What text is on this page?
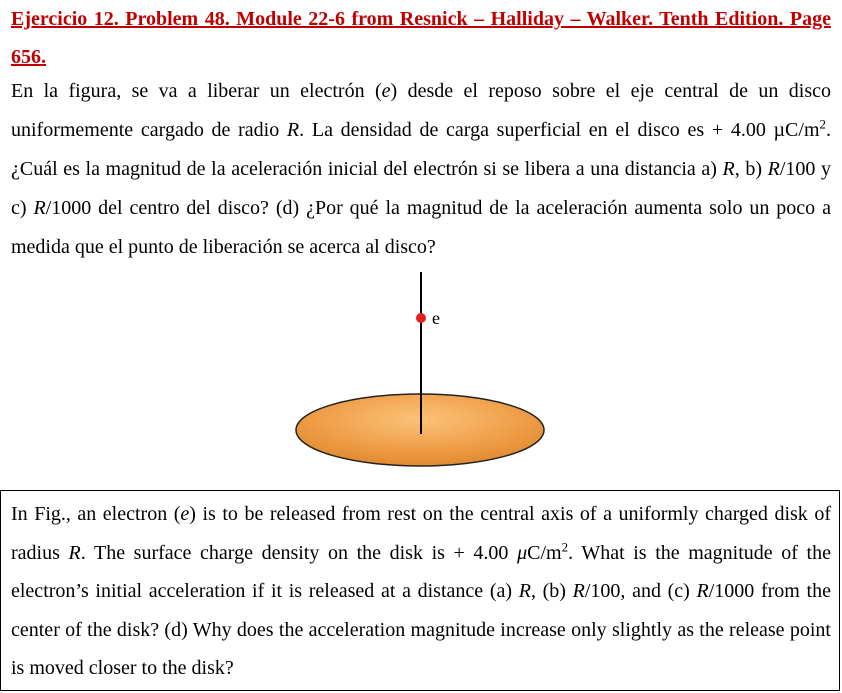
Ejercicio 12. Problem 48. Module 22-6 from Resnick – Halliday – Walker. Tenth Edition. Page 656.
En la figura, se va a liberar un electrón (e) desde el reposo sobre el eje central de un disco uniformemente cargado de radio R. La densidad de carga superficial en el disco es + 4.00 $\mu C/m^2$. ¿Cuál es la magnitud de la aceleración inicial del electrón si se libera a una distancia a) R, b) R/100 y c) R/1000 del centro del disco? (d) ¿Por qué la magnitud de la aceleración aumenta solo un poco a medida que el punto de liberación se acerca al disco?
e
In Fig., an electron (e) is to be released from rest on the central axis of a uniformly charged disk of radius R. The surface charge density on the disk is + 4.00 $\mu C/m^2$. What is the magnitude of the electron’s initial acceleration if it is released at a distance (a) R, (b) R/100, and (c) R/1000 from the center of the disk? (d) Why does the acceleration magnitude increase only slightly as the release point is moved closer to the disk?
